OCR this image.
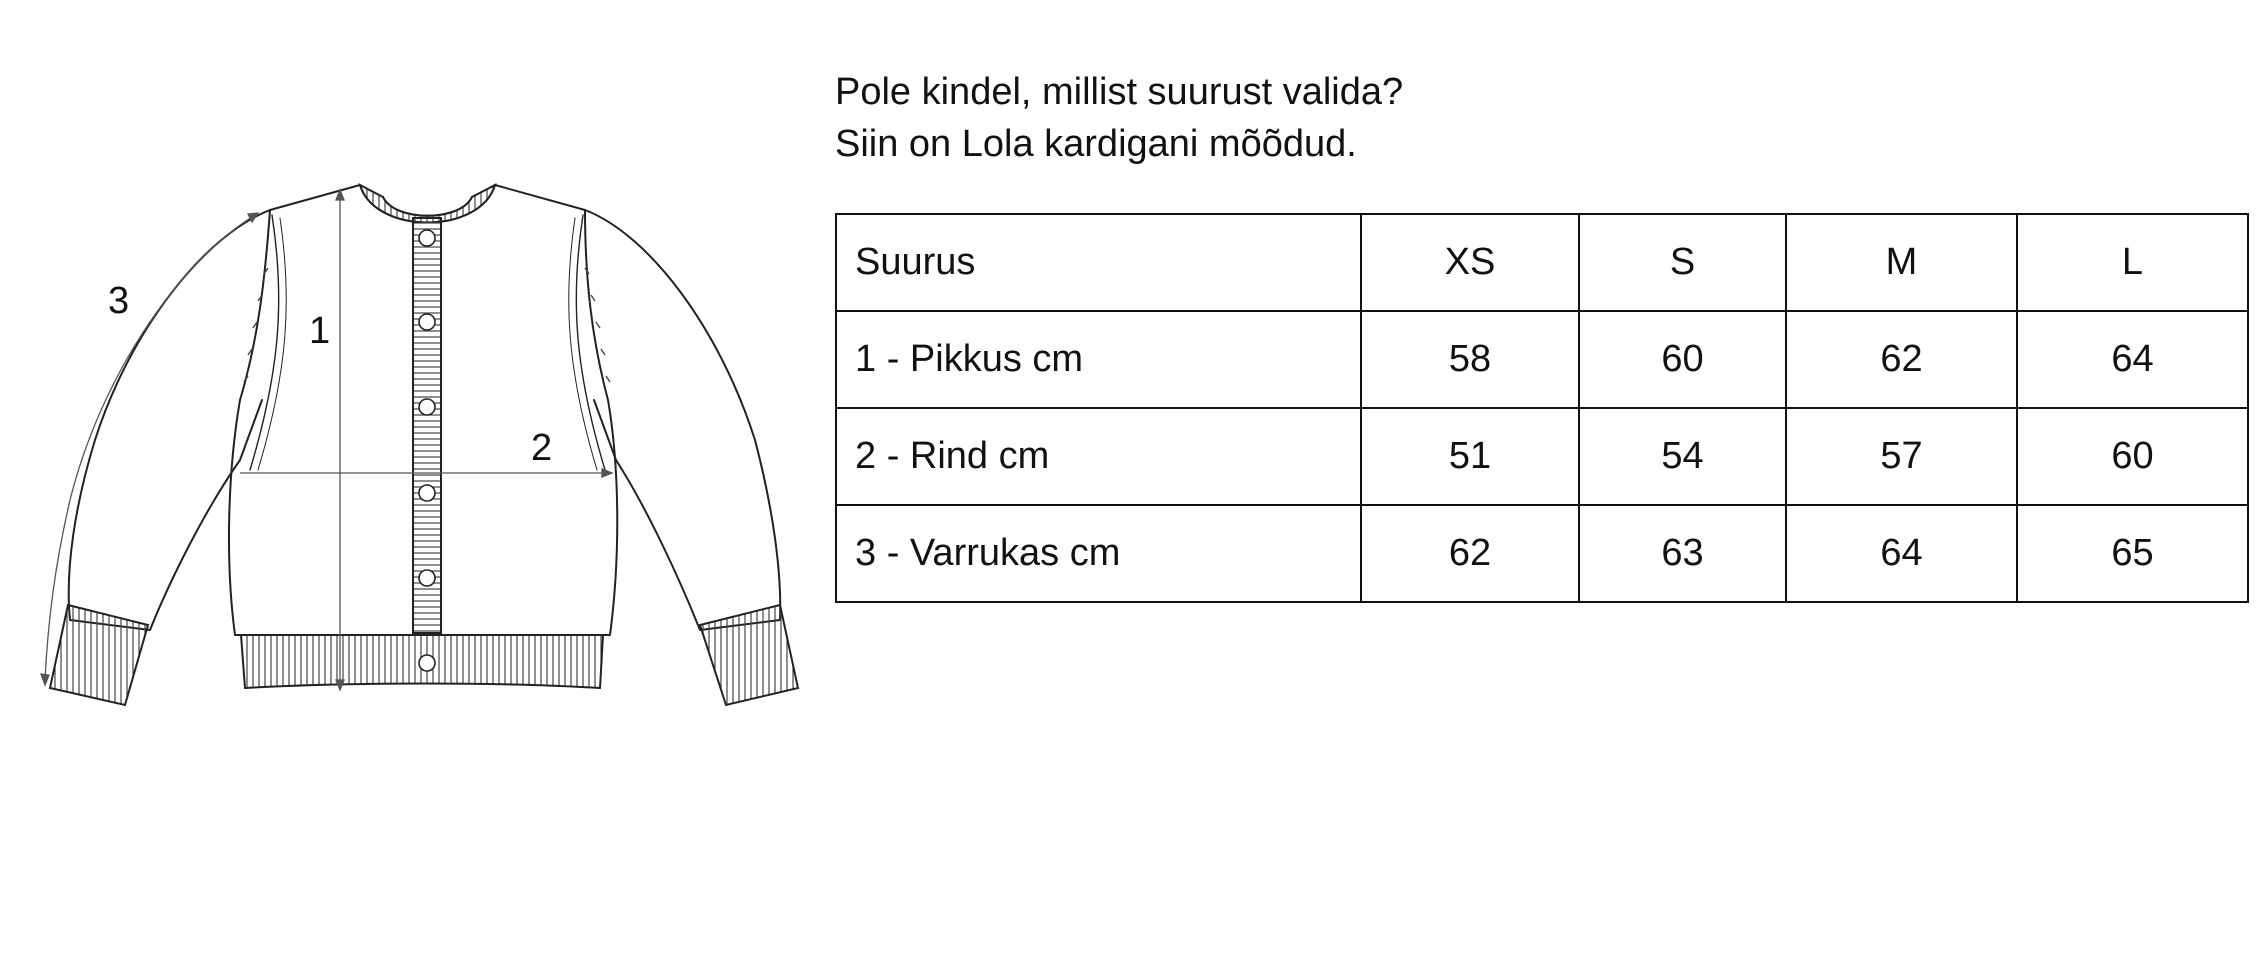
1
2
3
Pole kindel, millist suurust valida?
Siin on Lola kardigani mõõdud.
Suurus	XS	S	M	L
1 - Pikkus cm	58	60	62	64
2 - Rind cm	51	54	57	60
3 - Varrukas cm	62	63	64	65
